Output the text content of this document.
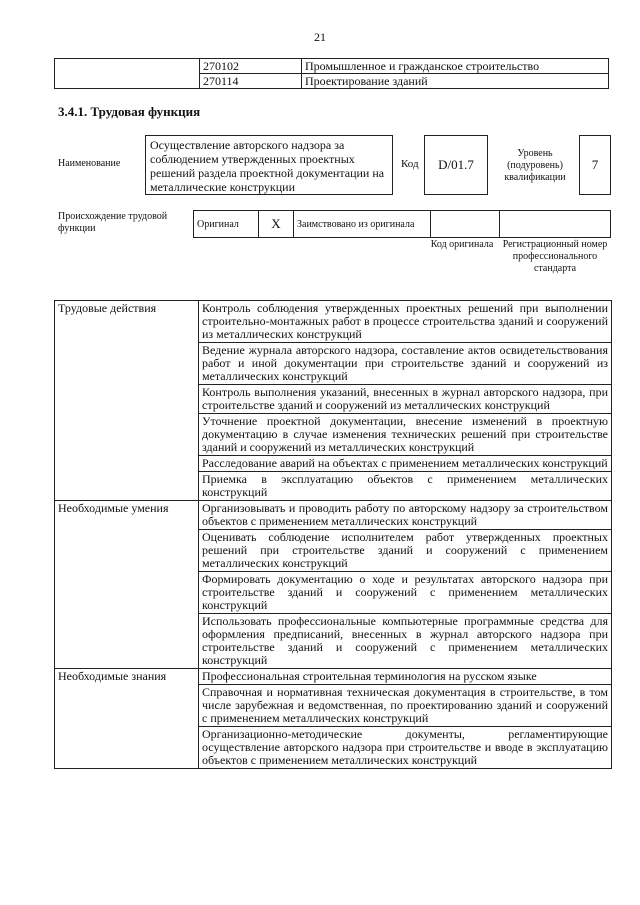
21
	270102	Промышленное и гражданское строительство
	270114	Проектирование зданий
3.4.1. Трудовая функция
Наименование
Осуществление авторского надзора за соблюдением утвержденных проектных решений раздела проектной документации на металлические конструкции
Код D/01.7
Уровень (подуровень) квалификации
7
Происхождение трудовой функции	Оригинал	X	Заимствовано из оригинала		
Код оригинала Регистрационный номер профессионального стандарта
Трудовые действия	Контроль соблюдения утвержденных проектных решений при выполнении строительно-монтажных работ в процессе строительства зданий и сооружений из металлических конструкций
	Ведение журнала авторского надзора, составление актов освидетельствования работ и иной документации при строительстве зданий и сооружений из металлических конструкций
	Контроль выполнения указаний, внесенных в журнал авторского надзора, при строительстве зданий и сооружений из металлических конструкций
	Уточнение проектной документации, внесение изменений в проектную документацию в случае изменения технических решений при строительстве зданий и сооружений из металлических конструкций
	Расследование аварий на объектах с применением металлических конструкций
	Приемка в эксплуатацию объектов с применением металлических конструкций
Необходимые умения	Организовывать и проводить работу по авторскому надзору за строительством объектов с применением металлических конструкций
	Оценивать соблюдение исполнителем работ утвержденных проектных решений при строительстве зданий и сооружений с применением металлических конструкций
	Формировать документацию о ходе и результатах авторского надзора при строительстве зданий и сооружений с применением металлических конструкций
	Использовать профессиональные компьютерные программные средства для оформления предписаний, внесенных в журнал авторского надзора при строительстве зданий и сооружений с применением металлических конструкций
Необходимые знания	Профессиональная строительная терминология на русском языке
	Справочная и нормативная техническая документация в строительстве, в том числе зарубежная и ведомственная, по проектированию зданий и сооружений с применением металлических конструкций
	Организационно-методические документы, регламентирующие осуществление авторского надзора при строительстве и вводе в эксплуатацию объектов с применением металлических конструкций
